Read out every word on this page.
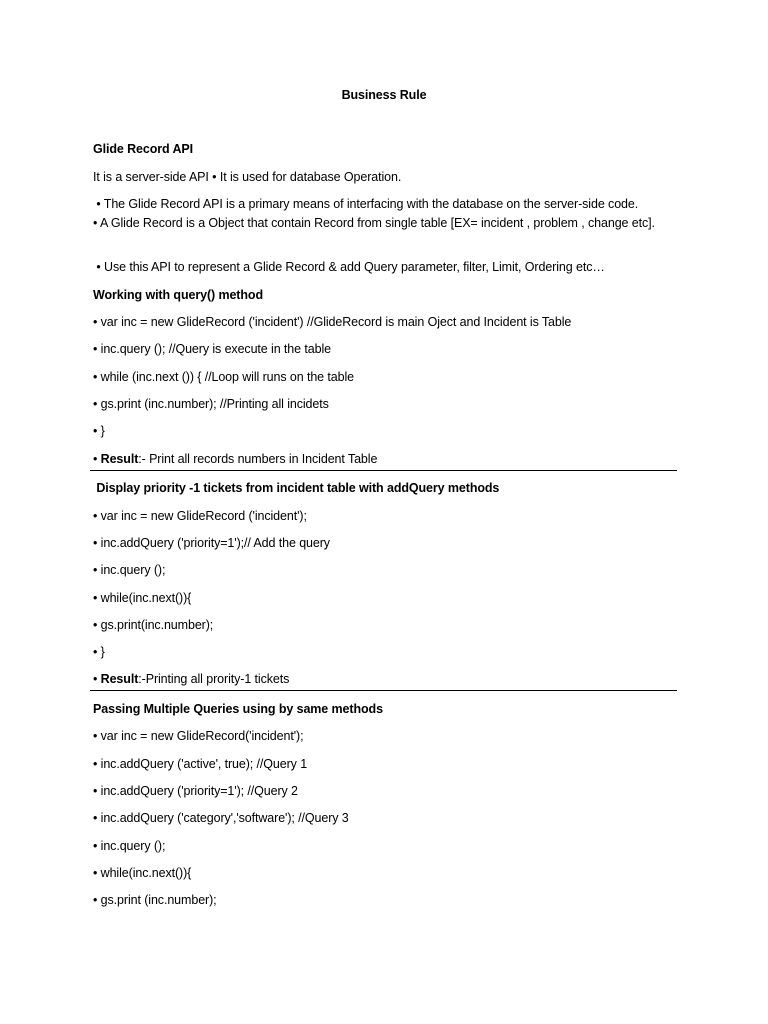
Business Rule
Glide Record API
It is a server-side API • It is used for database Operation.
• The Glide Record API is a primary means of interfacing with the database on the server-side code.
• A Glide Record is a Object that contain Record from single table [EX= incident , problem , change etc].
• Use this API to represent a Glide Record & add Query parameter, filter, Limit, Ordering etc…
Working with query() method
• var inc = new GlideRecord ('incident') //GlideRecord is main Oject and Incident is Table
• inc.query (); //Query is execute in the table
• while (inc.next ()) { //Loop will runs on the table
• gs.print (inc.number); //Printing all incidets
• }
• Result:- Print all records numbers in Incident Table
Display priority -1 tickets from incident table with addQuery methods
• var inc = new GlideRecord ('incident');
• inc.addQuery ('priority=1');// Add the query
• inc.query ();
• while(inc.next()){
• gs.print(inc.number);
• }
• Result:-Printing all prority-1 tickets
Passing Multiple Queries using by same methods
• var inc = new GlideRecord('incident');
• inc.addQuery ('active', true); //Query 1
• inc.addQuery ('priority=1'); //Query 2
• inc.addQuery ('category','software'); //Query 3
• inc.query ();
• while(inc.next()){
• gs.print (inc.number);
